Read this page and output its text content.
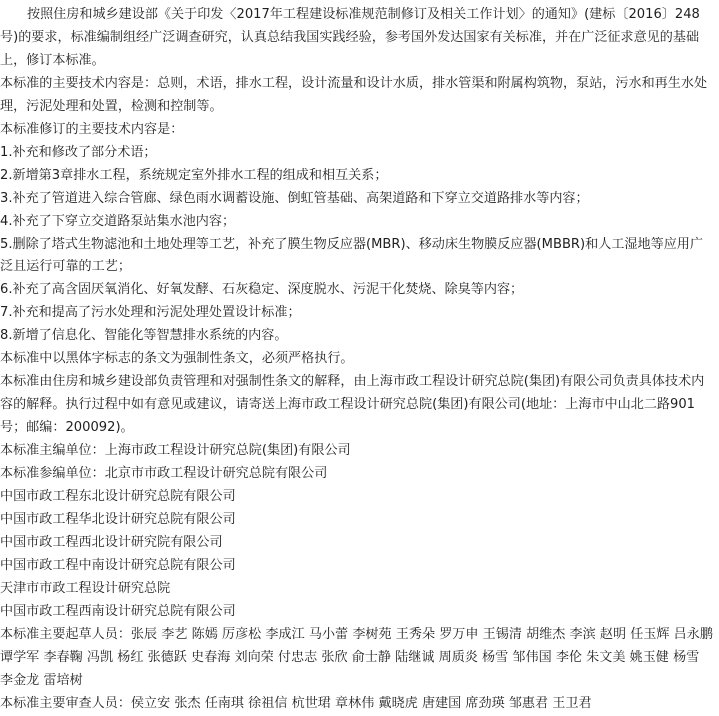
按照住房和城乡建设部《关于印发〈2017年工程建设标准规范制修订及相关工作计划〉的通知》(建标〔2016〕248号)的要求，标准编制组经广泛调查研究，认真总结我国实践经验，参考国外发达国家有关标准，并在广泛征求意见的基础上，修订本标准。

本标准的主要技术内容是：总则，术语，排水工程，设计流量和设计水质，排水管渠和附属构筑物，泵站，污水和再生水处理，污泥处理和处置，检测和控制等。

本标准修订的主要技术内容是：

1.补充和修改了部分术语；

2.新增第3章排水工程，系统规定室外排水工程的组成和相互关系；

3.补充了管道进入综合管廊、绿色雨水调蓄设施、倒虹管基础、高架道路和下穿立交道路排水等内容；

4.补充了下穿立交道路泵站集水池内容；

5.删除了塔式生物滤池和土地处理等工艺，补充了膜生物反应器(MBR)、移动床生物膜反应器(MBBR)和人工湿地等应用广泛且运行可靠的工艺；

6.补充了高含固厌氧消化、好氧发酵、石灰稳定、深度脱水、污泥干化焚烧、除臭等内容；

7.补充和提高了污水处理和污泥处理处置设计标准；

8.新增了信息化、智能化等智慧排水系统的内容。

本标准中以黑体字标志的条文为强制性条文，必须严格执行。

本标准由住房和城乡建设部负责管理和对强制性条文的解释，由上海市政工程设计研究总院(集团)有限公司负责具体技术内容的解释。执行过程中如有意见或建议，请寄送上海市政工程设计研究总院(集团)有限公司(地址：上海市中山北二路901号；邮编：200092)。

本标准主编单位：上海市政工程设计研究总院(集团)有限公司

本标准参编单位：北京市市政工程设计研究总院有限公司

中国市政工程东北设计研究总院有限公司

中国市政工程华北设计研究总院有限公司

中国市政工程西北设计研究院有限公司

中国市政工程中南设计研究总院有限公司

天津市市政工程设计研究总院

中国市政工程西南设计研究总院有限公司

本标准主要起草人员：张辰 李艺 陈嫣 厉彦松 李成江 马小蕾 李树苑 王秀朵 罗万申 王锡清 胡维杰 李滨 赵明 任玉辉 吕永鹏 谭学军 李春鞠 冯凯 杨红 张德跃 史春海 刘向荣 付忠志 张欣 俞士静 陆继诚 周质炎 杨雪 邹伟国 李伦 朱文美 姚玉健 杨雪 李金龙 雷培树

本标准主要审查人员：侯立安 张杰 任南琪 徐祖信 杭世珺 章林伟 戴晓虎 唐建国 席劲瑛 邹惠君 王卫君
